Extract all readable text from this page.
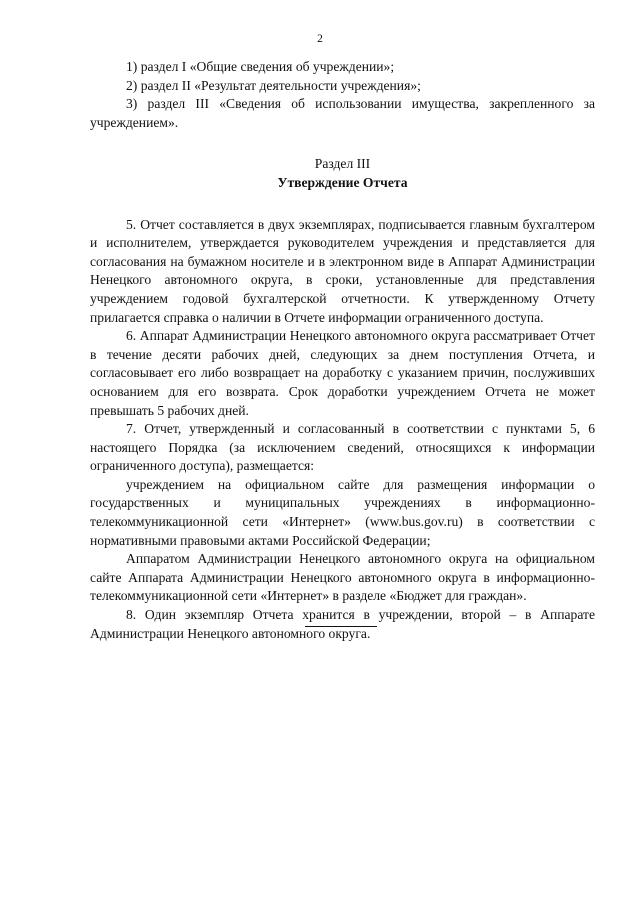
2

1) раздел I «Общие сведения об учреждении»;

2) раздел II «Результат деятельности учреждения»;

3) раздел III «Сведения об использовании имущества, закрепленного за учреждением».

Раздел III

Утверждение Отчета

5. Отчет составляется в двух экземплярах, подписывается главным бухгалтером и исполнителем, утверждается руководителем учреждения и представляется для согласования на бумажном носителе и в электронном виде в Аппарат Администрации Ненецкого автономного округа, в сроки, установленные для представления учреждением годовой бухгалтерской отчетности. К утвержденному Отчету прилагается справка о наличии в Отчете информации ограниченного доступа.

6. Аппарат Администрации Ненецкого автономного округа рассматривает Отчет в течение десяти рабочих дней, следующих за днем поступления Отчета, и согласовывает его либо возвращает на доработку с указанием причин, послуживших основанием для его возврата. Срок доработки учреждением Отчета не может превышать 5 рабочих дней.

7. Отчет, утвержденный и согласованный в соответствии с пунктами 5, 6 настоящего Порядка (за исключением сведений, относящихся к информации ограниченного доступа), размещается:

учреждением на официальном сайте для размещения информации о государственных и муниципальных учреждениях в информационно-телекоммуникационной сети «Интернет» (www.bus.gov.ru) в соответствии с нормативными правовыми актами Российской Федерации;

Аппаратом Администрации Ненецкого автономного округа на официальном сайте Аппарата Администрации Ненецкого автономного округа в информационно-телекоммуникационной сети «Интернет» в разделе «Бюджет для граждан».

8. Один экземпляр Отчета хранится в учреждении, второй – в Аппарате Администрации Ненецкого автономного округа.
